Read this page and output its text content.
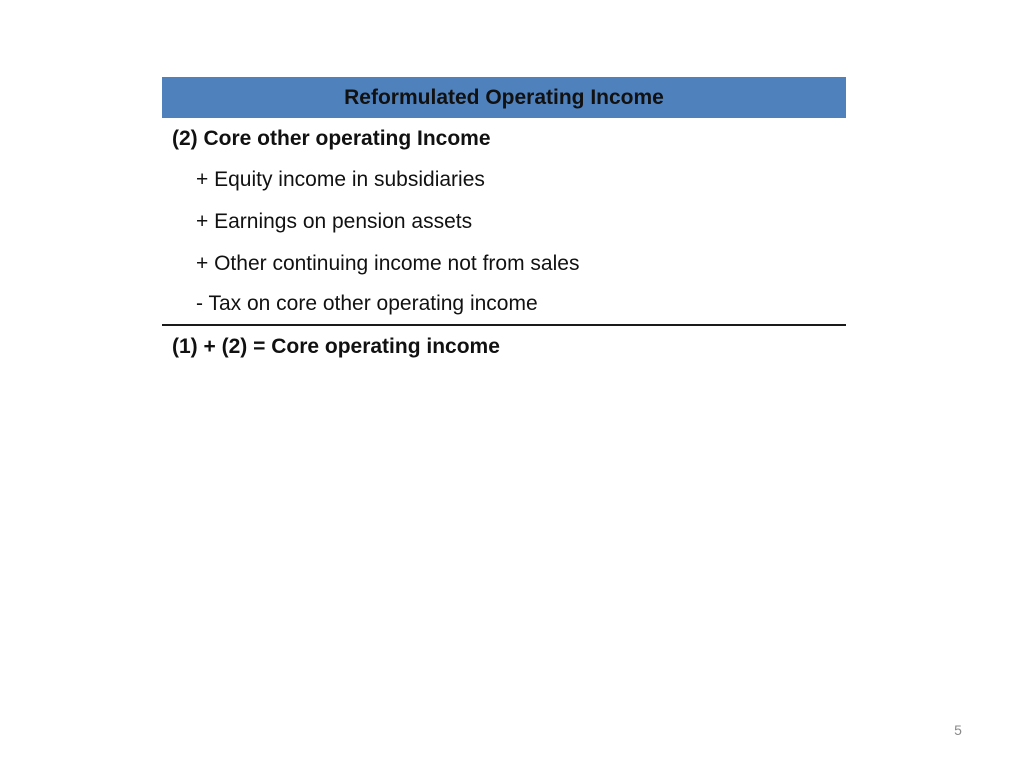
Reformulated Operating Income
(2) Core other operating Income
+ Equity income in subsidiaries
+ Earnings on pension assets
+ Other continuing income not from sales
- Tax on core other operating income
(1) + (2) = Core operating income
5
